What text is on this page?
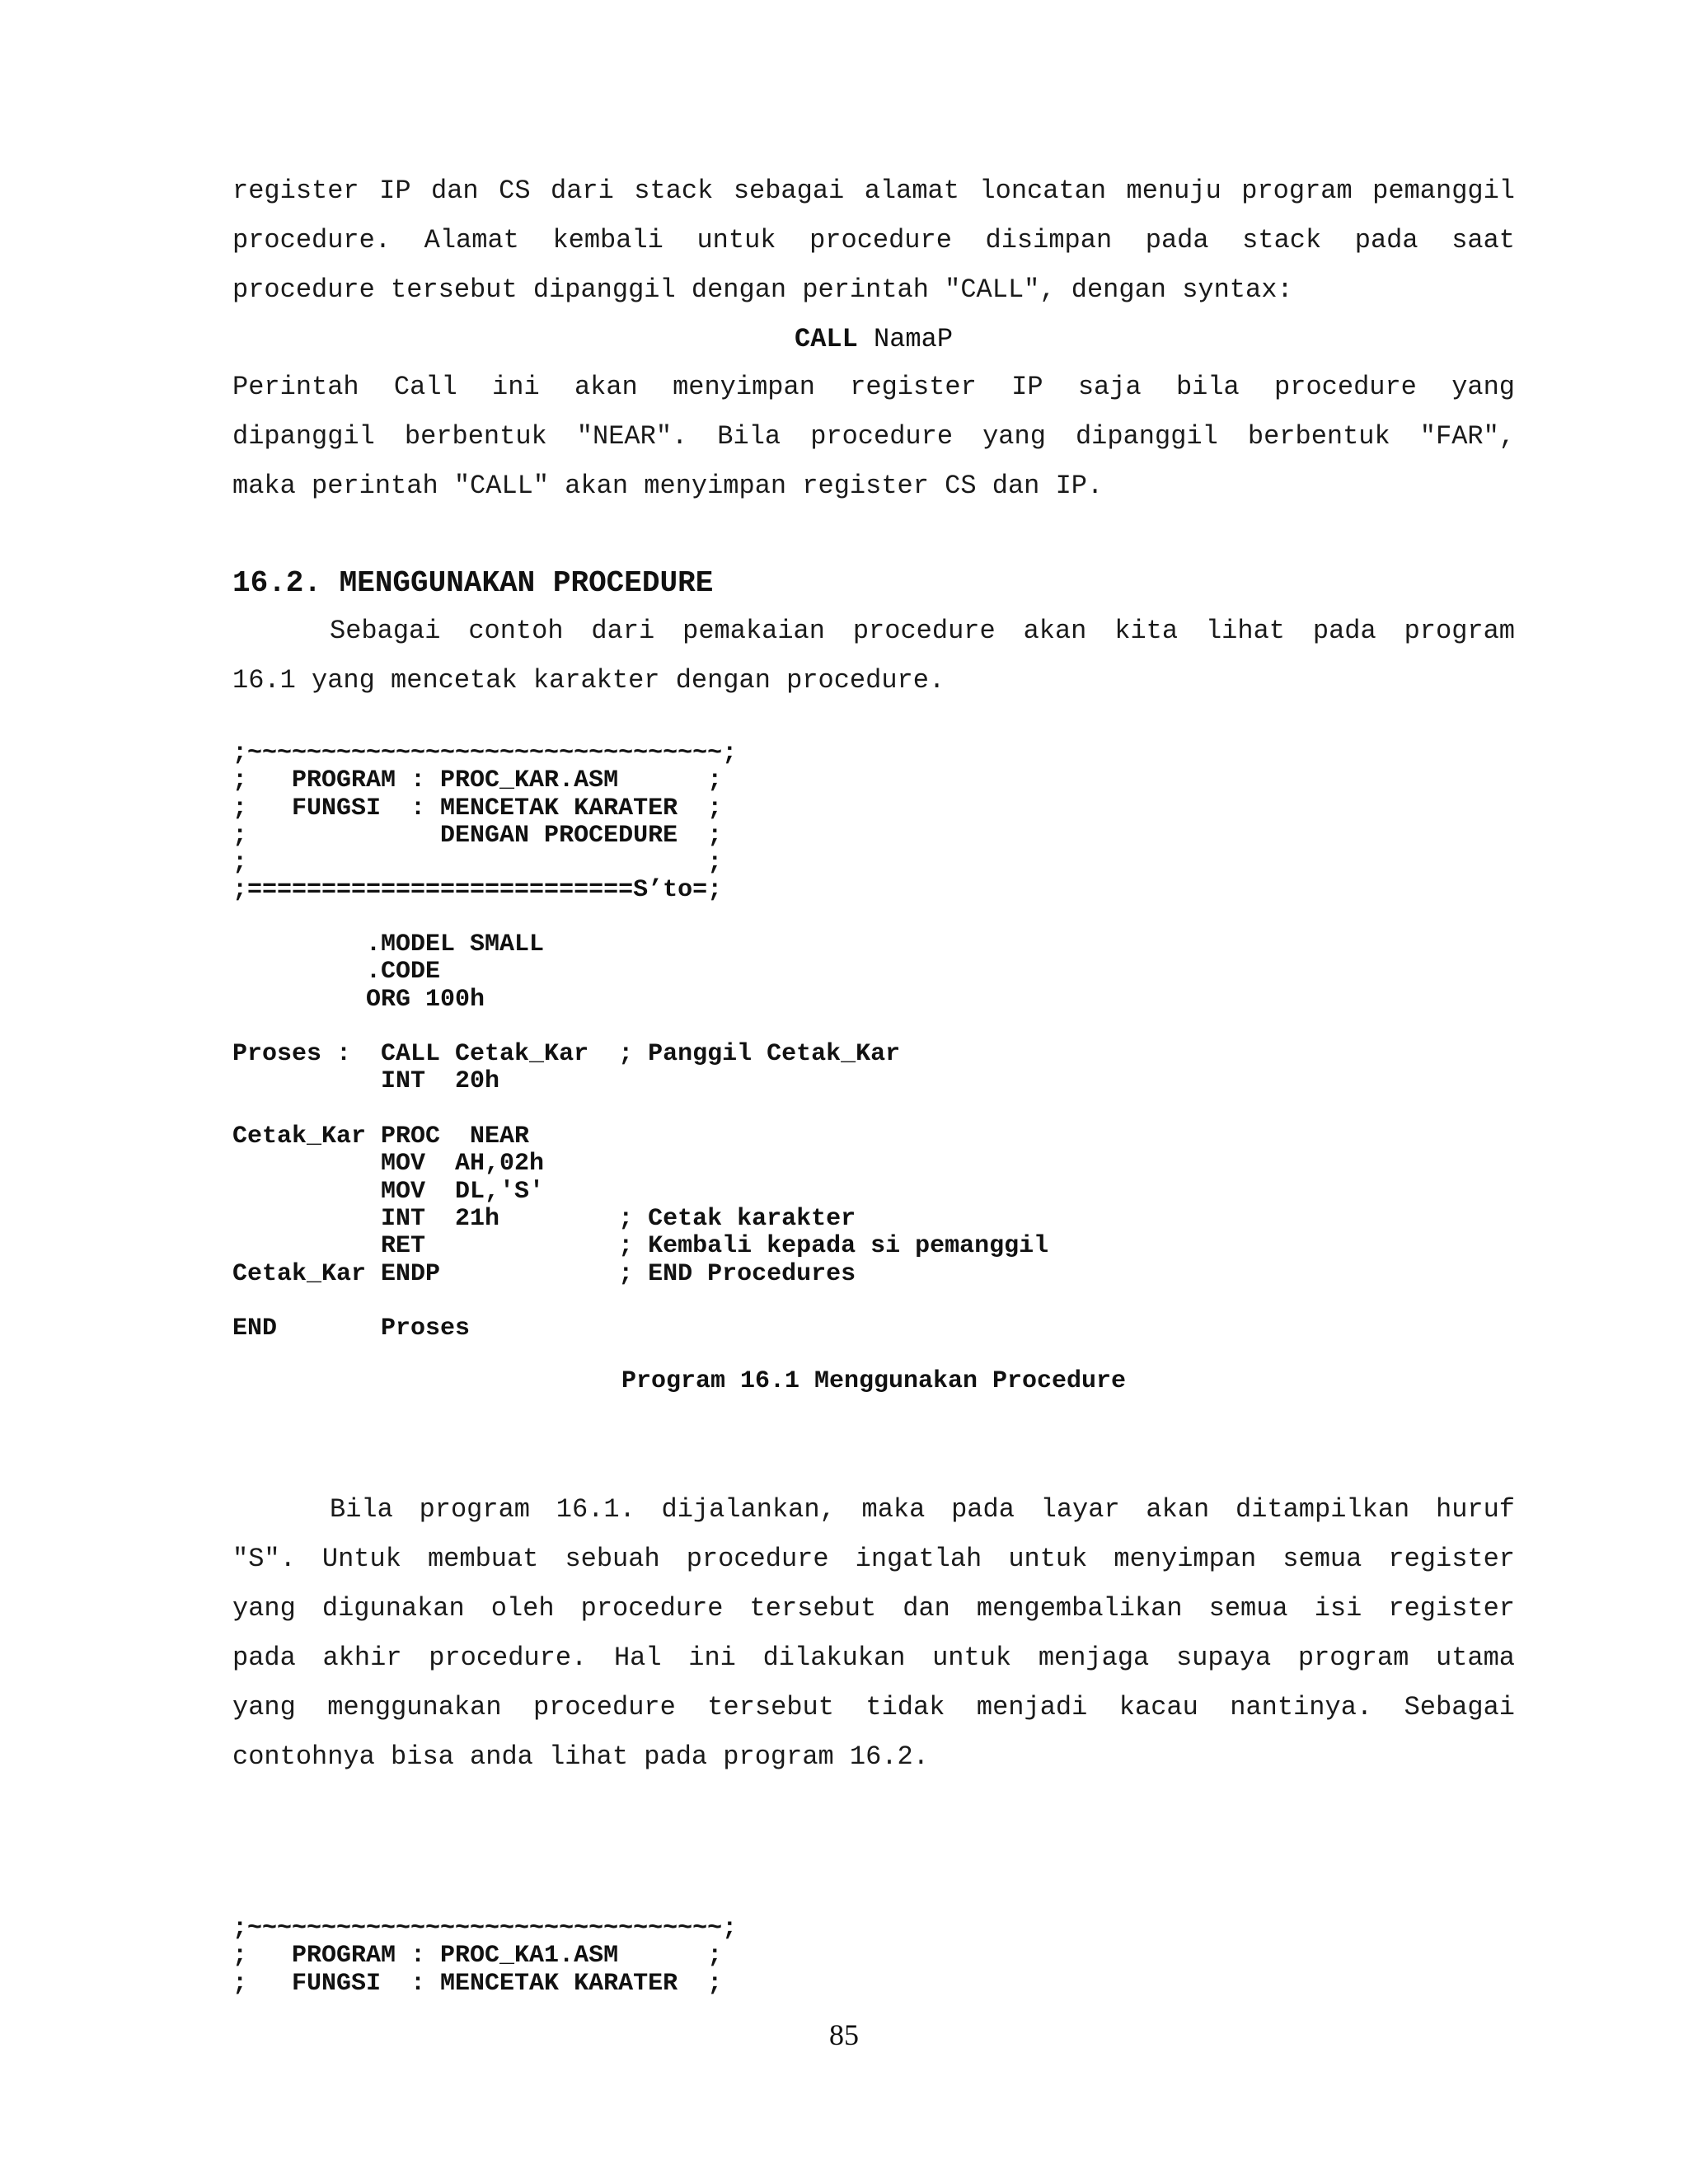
register IP dan CS dari stack sebagai alamat loncatan menuju program pemanggil
procedure. Alamat kembali untuk procedure disimpan pada stack pada saat
procedure tersebut dipanggil dengan perintah "CALL", dengan syntax:
CALL NamaP
Perintah Call ini akan menyimpan register IP saja bila procedure yang
dipanggil berbentuk "NEAR". Bila procedure yang dipanggil berbentuk "FAR",
maka perintah "CALL" akan menyimpan register CS dan IP.
16.2. MENGGUNAKAN PROCEDURE
Sebagai contoh dari pemakaian procedure akan kita lihat pada program
16.1 yang mencetak karakter dengan procedure.
;~~~~~~~~~~~~~~~~~~~~~~~~~~~~~~~~;
;   PROGRAM : PROC_KAR.ASM      ;
;   FUNGSI  : MENCETAK KARATER  ;
;             DENGAN PROCEDURE  ;
;                               ;
;==========================S’to=;
.MODEL SMALL
.CODE
ORG 100h

Proses :  CALL Cetak_Kar  ; Panggil Cetak_Kar
INT  20h

Cetak_Kar PROC  NEAR
MOV  AH,02h
MOV  DL,'S'
INT  21h        ; Cetak karakter
RET             ; Kembali kepada si pemanggil
Cetak_Kar ENDP            ; END Procedures

END       Proses
Program 16.1 Menggunakan Procedure
Bila program 16.1. dijalankan, maka pada layar akan ditampilkan huruf
"S". Untuk membuat sebuah procedure ingatlah untuk menyimpan semua register
yang digunakan oleh procedure tersebut dan mengembalikan semua isi register
pada akhir procedure. Hal ini dilakukan untuk menjaga supaya program utama
yang menggunakan procedure tersebut tidak menjadi kacau nantinya. Sebagai
contohnya bisa anda lihat pada program 16.2.
;~~~~~~~~~~~~~~~~~~~~~~~~~~~~~~~~;
;   PROGRAM : PROC_KA1.ASM      ;
;   FUNGSI  : MENCETAK KARATER  ;
85
